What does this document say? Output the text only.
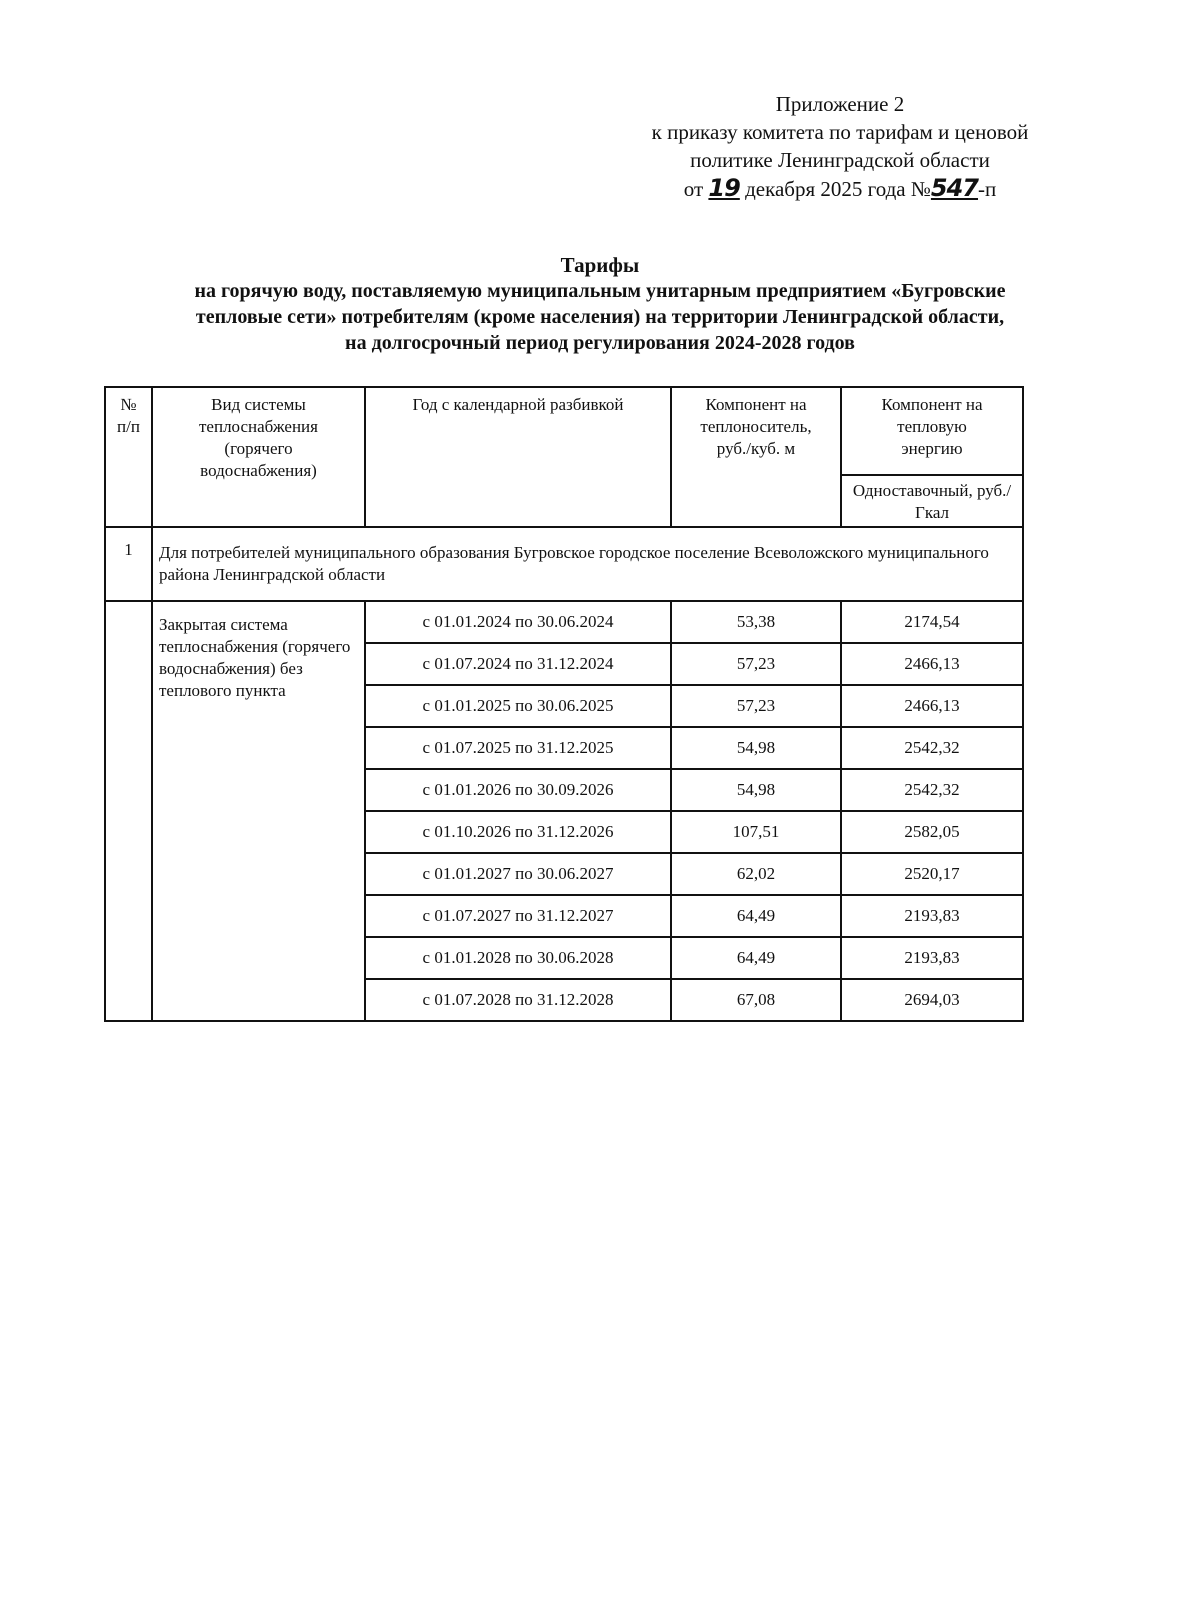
Приложение 2
к приказу комитета по тарифам и ценовой
политике Ленинградской области
от 19 декабря 2025 года №547-п
Тарифы
на горячую воду, поставляемую муниципальным унитарным предприятием «Бугровские
тепловые сети» потребителям (кроме населения) на территории Ленинградской области,
на долгосрочный период регулирования 2024-2028 годов
№ п/п	Вид системы теплоснабжения (горячего водоснабжения)	Год с календарной разбивкой	Компонент на теплоноситель, руб./куб. м	Компонент на тепловую энергию
				Одноставочный, руб./Гкал
1	Для потребителей муниципального образования Бугровское городское поселение Всеволожского муниципального района Ленинградской области			
	Закрытая система теплоснабжения (горячего водоснабжения) без теплового пункта	с 01.01.2024 по 30.06.2024	53,38	2174,54
		с 01.07.2024 по 31.12.2024	57,23	2466,13
		с 01.01.2025 по 30.06.2025	57,23	2466,13
		с 01.07.2025 по 31.12.2025	54,98	2542,32
		с 01.01.2026 по 30.09.2026	54,98	2542,32
		с 01.10.2026 по 31.12.2026	107,51	2582,05
		с 01.01.2027 по 30.06.2027	62,02	2520,17
		с 01.07.2027 по 31.12.2027	64,49	2193,83
		с 01.01.2028 по 30.06.2028	64,49	2193,83
		с 01.07.2028 по 31.12.2028	67,08	2694,03
